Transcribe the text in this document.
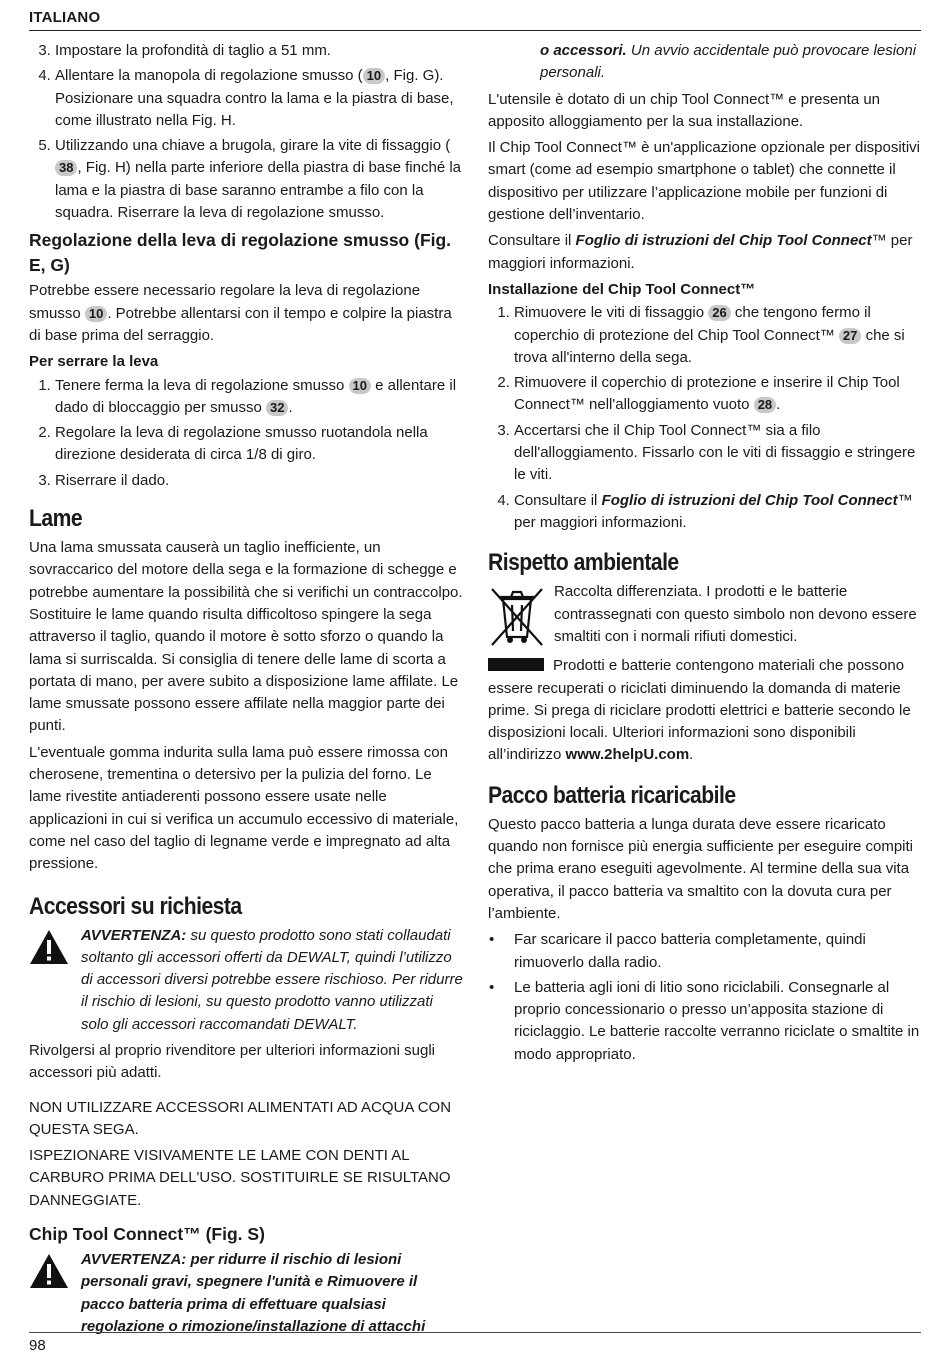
ITALIANO
3. Impostare la profondità di taglio a 51 mm.
4. Allentare la manopola di regolazione smusso ( 10 , Fig. G). Posizionare una squadra contro la lama e la piastra di base, come illustrato nella Fig. H.
5. Utilizzando una chiave a brugola, girare la vite di fissaggio (38 , Fig. H) nella parte inferiore della piastra di base finché la lama e la piastra di base saranno entrambe a filo con la squadra. Riserrare la leva di regolazione smusso.
Regolazione della leva di regolazione smusso (Fig. E, G)

Potrebbe essere necessario regolare la leva di regolazione smusso 10 . Potrebbe allentarsi con il tempo e colpire la piastra di base prima del serraggio.

Per serrare la leva
1. Tenere ferma la leva di regolazione smusso 10 e allentare il dado di bloccaggio per smusso 32 .
2. Regolare la leva di regolazione smusso ruotandola nella direzione desiderata di circa 1/8 di giro.
3. Riserrare il dado.
Lame

Una lama smussata causerà un taglio inefficiente, un sovraccarico del motore della sega e la formazione di schegge e potrebbe aumentare la possibilità che si verifichi un contraccolpo. Sostituire le lame quando risulta difficoltoso spingere la sega attraverso il taglio, quando il motore è sotto sforzo o quando la lama si surriscalda. Si consiglia di tenere delle lame di scorta a portata di mano, per avere subito a disposizione lame affilate. Le lame smussate possono essere affilate nella maggior parte dei punti.

L'eventuale gomma indurita sulla lama può essere rimossa con cherosene, trementina o detersivo per la pulizia del forno. Le lame rivestite antiaderenti possono essere usate nelle applicazioni in cui si verifica un accumulo eccessivo di materiale, come nel caso del taglio di legname verde e impregnato ad alta pressione.

Accessori su richiesta

AVVERTENZA: su questo prodotto sono stati collaudati soltanto gli accessori offerti da DEWALT, quindi l’utilizzo di accessori diversi potrebbe essere rischioso. Per ridurre il rischio di lesioni, su questo prodotto vanno utilizzati solo gli accessori raccomandati DEWALT.

Rivolgersi al proprio rivenditore per ulteriori informazioni sugli accessori più adatti.

NON UTILIZZARE ACCESSORI ALIMENTATI AD ACQUA CON QUESTA SEGA.

ISPEZIONARE VISIVAMENTE LE LAME CON DENTI AL CARBURO PRIMA DELL'USO. SOSTITUIRLE SE RISULTANO DANNEGGIATE.

Chip Tool Connect™ (Fig. S)

AVVERTENZA: per ridurre il rischio di lesioni personali gravi, spegnere l'unità e Rimuovere il pacco batteria prima di effettuare qualsiasi regolazione o rimozione/installazione di attacchi

o accessori. Un avvio accidentale può provocare lesioni personali.

L'utensile è dotato di un chip Tool Connect™ e presenta un apposito alloggiamento per la sua installazione.

Il Chip Tool Connect™ è un'applicazione opzionale per dispositivi smart (come ad esempio smartphone o tablet) che connette il dispositivo per utilizzare l’applicazione mobile per funzioni di gestione dell’inventario.

Consultare il Foglio di istruzioni del Chip Tool Connect™ per maggiori informazioni.

Installazione del Chip Tool Connect™
1. Rimuovere le viti di fissaggio 26 che tengono fermo il coperchio di protezione del Chip Tool Connect™ 27 che si trova all'interno della sega.
2. Rimuovere il coperchio di protezione e inserire il Chip Tool Connect™ nell'alloggiamento vuoto 28 .
3. Accertarsi che il Chip Tool Connect™ sia a filo dell'alloggiamento. Fissarlo con le viti di fissaggio e stringere le viti.
4. Consultare il Foglio di istruzioni del Chip Tool Connect™ per maggiori informazioni.
Rispetto ambientale

Raccolta differenziata. I prodotti e le batterie contrassegnati con questo simbolo non devono essere smaltiti con i normali rifiuti domestici.

Prodotti e batterie contengono materiali che possono essere recuperati o riciclati diminuendo la domanda di materie prime. Si prega di riciclare prodotti elettrici e batterie secondo le disposizioni locali. Ulteriori informazioni sono disponibili all’indirizzo www.2helpU.com.

Pacco batteria ricaricabile

Questo pacco batteria a lunga durata deve essere ricaricato quando non fornisce più energia sufficiente per eseguire compiti che prima erano eseguiti agevolmente. Al termine della sua vita operativa, il pacco batteria va smaltito con la dovuta cura per l’ambiente.

• Far scaricare il pacco batteria completamente, quindi rimuoverlo dalla radio.
• Le batteria agli ioni di litio sono riciclabili. Consegnarle al proprio concessionario o presso un’apposita stazione di riciclaggio. Le batterie raccolte verranno riciclate o smaltite in modo appropriato.
98
